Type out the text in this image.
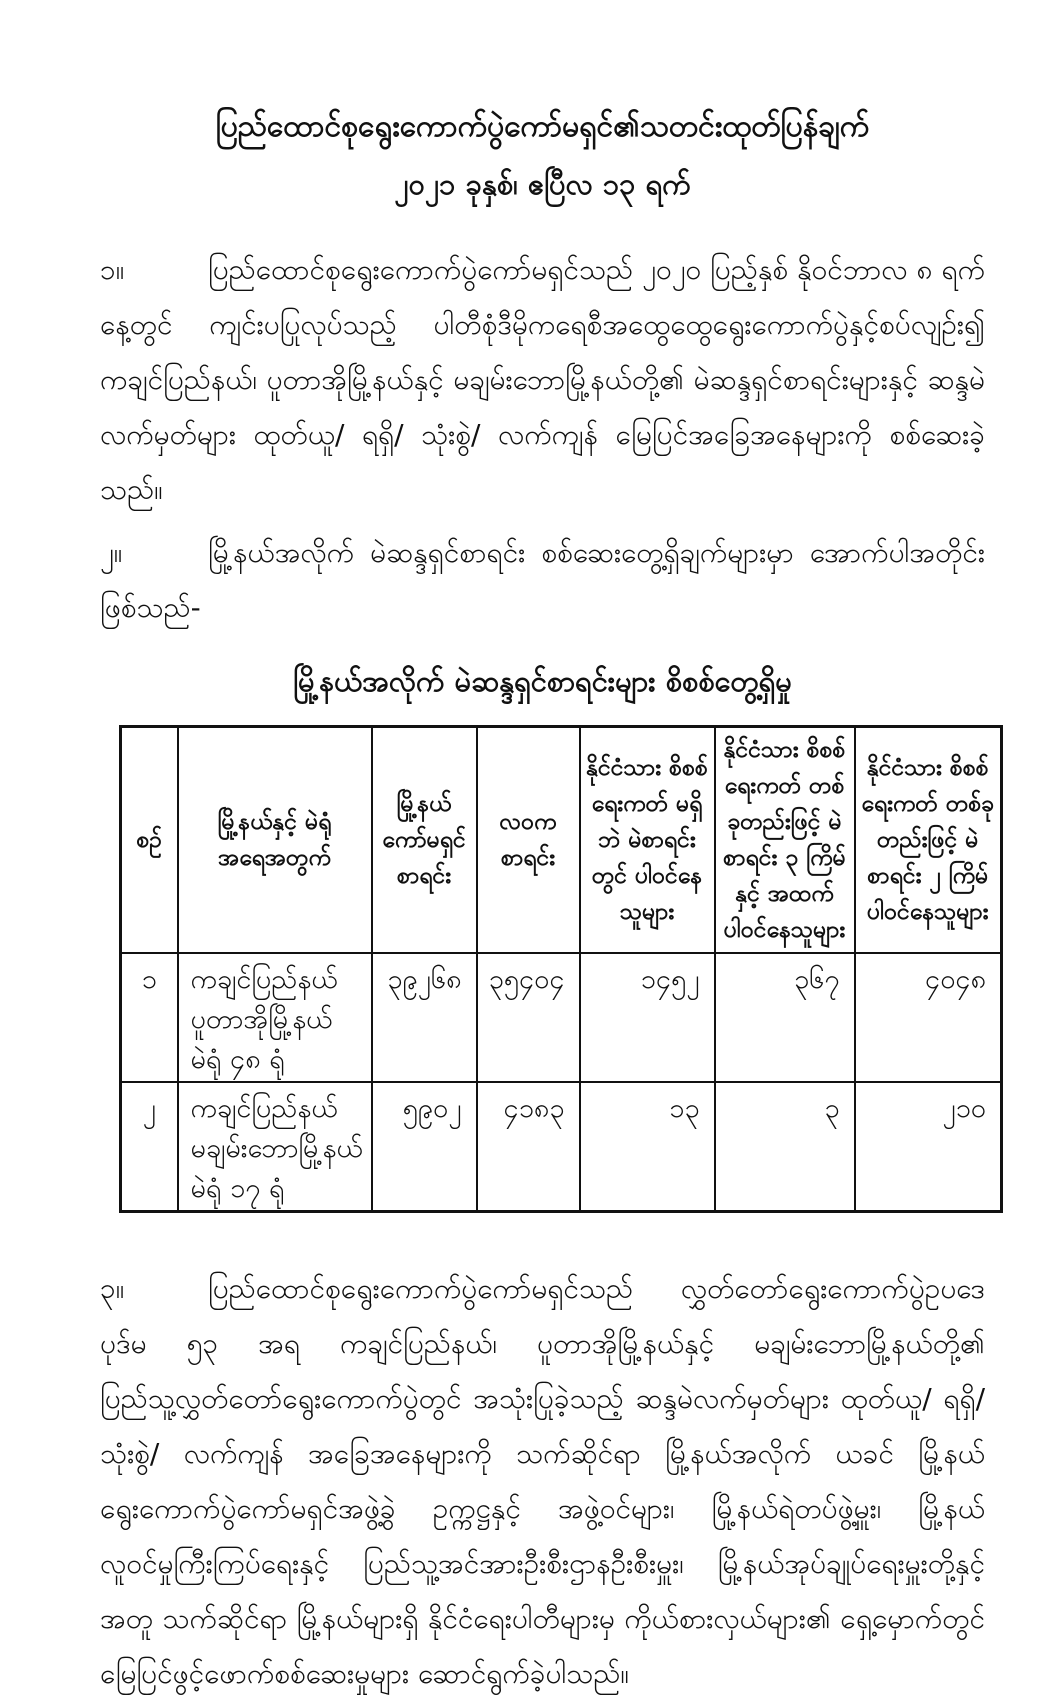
ပြည်ထောင်စုရွေးကောက်ပွဲကော်မရှင်၏သတင်းထုတ်ပြန်ချက်
၂၀၂၁ ခုနှစ်၊ ဧပြီလ ၁၃ ရက်

၁။	ပြည်ထောင်စုရွေးကောက်ပွဲကော်မရှင်သည် ၂၀၂၀ ပြည့်နှစ် နိုဝင်ဘာလ ၈ ရက်နေ့တွင် ကျင်းပပြုလုပ်သည့် ပါတီစုံဒီမိုကရေစီအထွေထွေရွေးကောက်ပွဲနှင့်စပ်လျဉ်း၍ ကချင်ပြည်နယ်၊ ပူတာအိုမြို့နယ်နှင့် မချမ်းဘောမြို့နယ်တို့၏ မဲဆန္ဒရှင်စာရင်းများနှင့် ဆန္ဒမဲလက်မှတ်များ ထုတ်ယူ/ ရရှိ/ သုံးစွဲ/ လက်ကျန် မြေပြင်အခြေအနေများကို စစ်ဆေးခဲ့သည်။

၂။	မြို့နယ်အလိုက် မဲဆန္ဒရှင်စာရင်း စစ်ဆေးတွေ့ရှိချက်များမှာ အောက်ပါအတိုင်း ဖြစ်သည်-

မြို့နယ်အလိုက် မဲဆန္ဒရှင်စာရင်းများ စိစစ်တွေ့ရှိမှု
စဉ်	မြို့နယ်နှင့် မဲရုံအရေအတွက်	မြို့နယ် ကော်မရှင် စာရင်း	လဝက စာရင်း	နိုင်ငံသား စိစစ်ရေးကတ် မရှိဘဲ မဲစာရင်းတွင် ပါဝင်နေသူများ	နိုင်ငံသား စိစစ်ရေးကတ် တစ်ခုတည်းဖြင့် မဲစာရင်း ၃ ကြိမ် နှင့် အထက် ပါဝင်နေသူများ	နိုင်ငံသား စိစစ်ရေးကတ် တစ်ခုတည်းဖြင့် မဲစာရင်း ၂ ကြိမ် ပါဝင်နေသူများ
၁	ကချင်ပြည်နယ်
ပူတာအိုမြို့နယ်
မဲရုံ ၄၈ ရုံ	၃၉၂၆၈	၃၅၄၀၄	၁၄၅၂	၃၆၇	၄၀၄၈
၂	ကချင်ပြည်နယ်
မချမ်းဘောမြို့နယ်
မဲရုံ ၁၇ ရုံ	၅၉၀၂	၄၁၈၃	၁၃	၃	၂၁၀

၃။	ပြည်ထောင်စုရွေးကောက်ပွဲကော်မရှင်သည် လွှတ်တော်ရွေးကောက်ပွဲဥပဒေပုဒ်မ ၅၃ အရ ကချင်ပြည်နယ်၊ ပူတာအိုမြို့နယ်နှင့် မချမ်းဘောမြို့နယ်တို့၏ ပြည်သူ့လွှတ်တော်ရွေးကောက်ပွဲတွင် အသုံးပြုခဲ့သည့် ဆန္ဒမဲလက်မှတ်များ ထုတ်ယူ/ ရရှိ/ သုံးစွဲ/ လက်ကျန် အခြေအနေများကို သက်ဆိုင်ရာ မြို့နယ်အလိုက် ယခင် မြို့နယ်ရွေးကောက်ပွဲကော်မရှင်အဖွဲ့ခွဲ ဥက္ကဋ္ဌနှင့် အဖွဲ့ဝင်များ၊ မြို့နယ်ရဲတပ်ဖွဲ့မှူး၊ မြို့နယ်လူဝင်မှုကြီးကြပ်ရေးနှင့် ပြည်သူ့အင်အားဦးစီးဌာနဦးစီးမှူး၊ မြို့နယ်အုပ်ချုပ်ရေးမှူးတို့နှင့်အတူ သက်ဆိုင်ရာ မြို့နယ်များရှိ နိုင်ငံရေးပါတီများမှ ကိုယ်စားလှယ်များ၏ ရှေ့မှောက်တွင် မြေပြင်ဖွင့်ဖောက်စစ်ဆေးမှုများ ဆောင်ရွက်ခဲ့ပါသည်။
